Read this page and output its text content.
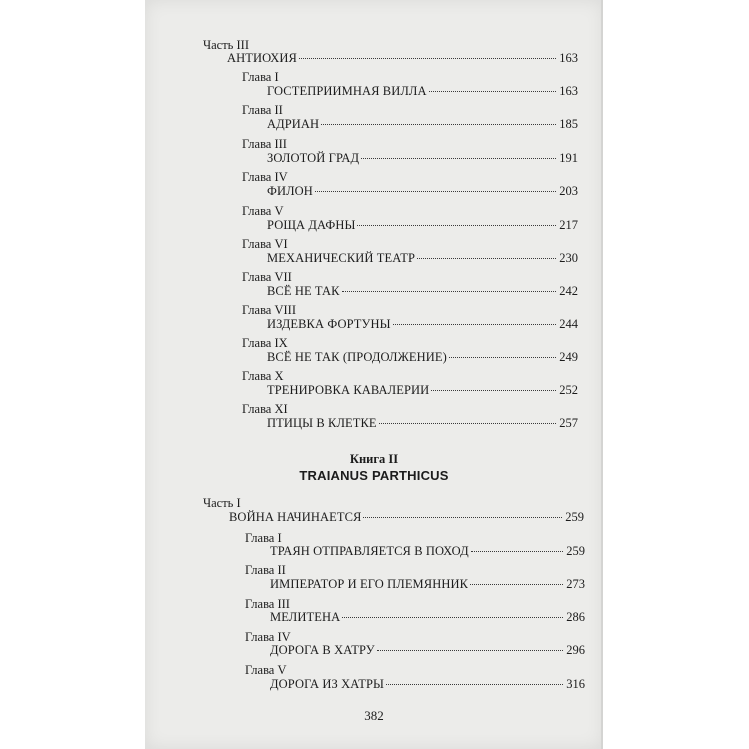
Часть III
АНТИОХИЯ	163
Глава I
ГОСТЕПРИИМНАЯ ВИЛЛА	163
Глава II
АДРИАН	185
Глава III
ЗОЛОТОЙ ГРАД	191
Глава IV
ФИЛОН	203
Глава V
РОЩА ДАФНЫ	217
Глава VI
МЕХАНИЧЕСКИЙ ТЕАТР	230
Глава VII
ВСЁ НЕ ТАК	242
Глава VIII
ИЗДЕВКА ФОРТУНЫ	244
Глава IX
ВСЁ НЕ ТАК (ПРОДОЛЖЕНИЕ)	249
Глава X
ТРЕНИРОВКА КАВАЛЕРИИ	252
Глава XI
ПТИЦЫ В КЛЕТКЕ	257
Книга II
TRAIANUS PARTHICUS
Часть I
ВОЙНА НАЧИНАЕТСЯ	259
Глава I
ТРАЯН ОТПРАВЛЯЕТСЯ В ПОХОД	259
Глава II
ИМПЕРАТОР И ЕГО ПЛЕМЯННИК	273
Глава III
МЕЛИТЕНА	286
Глава IV
ДОРОГА В ХАТРУ	296
Глава V
ДОРОГА ИЗ ХАТРЫ	316
382
